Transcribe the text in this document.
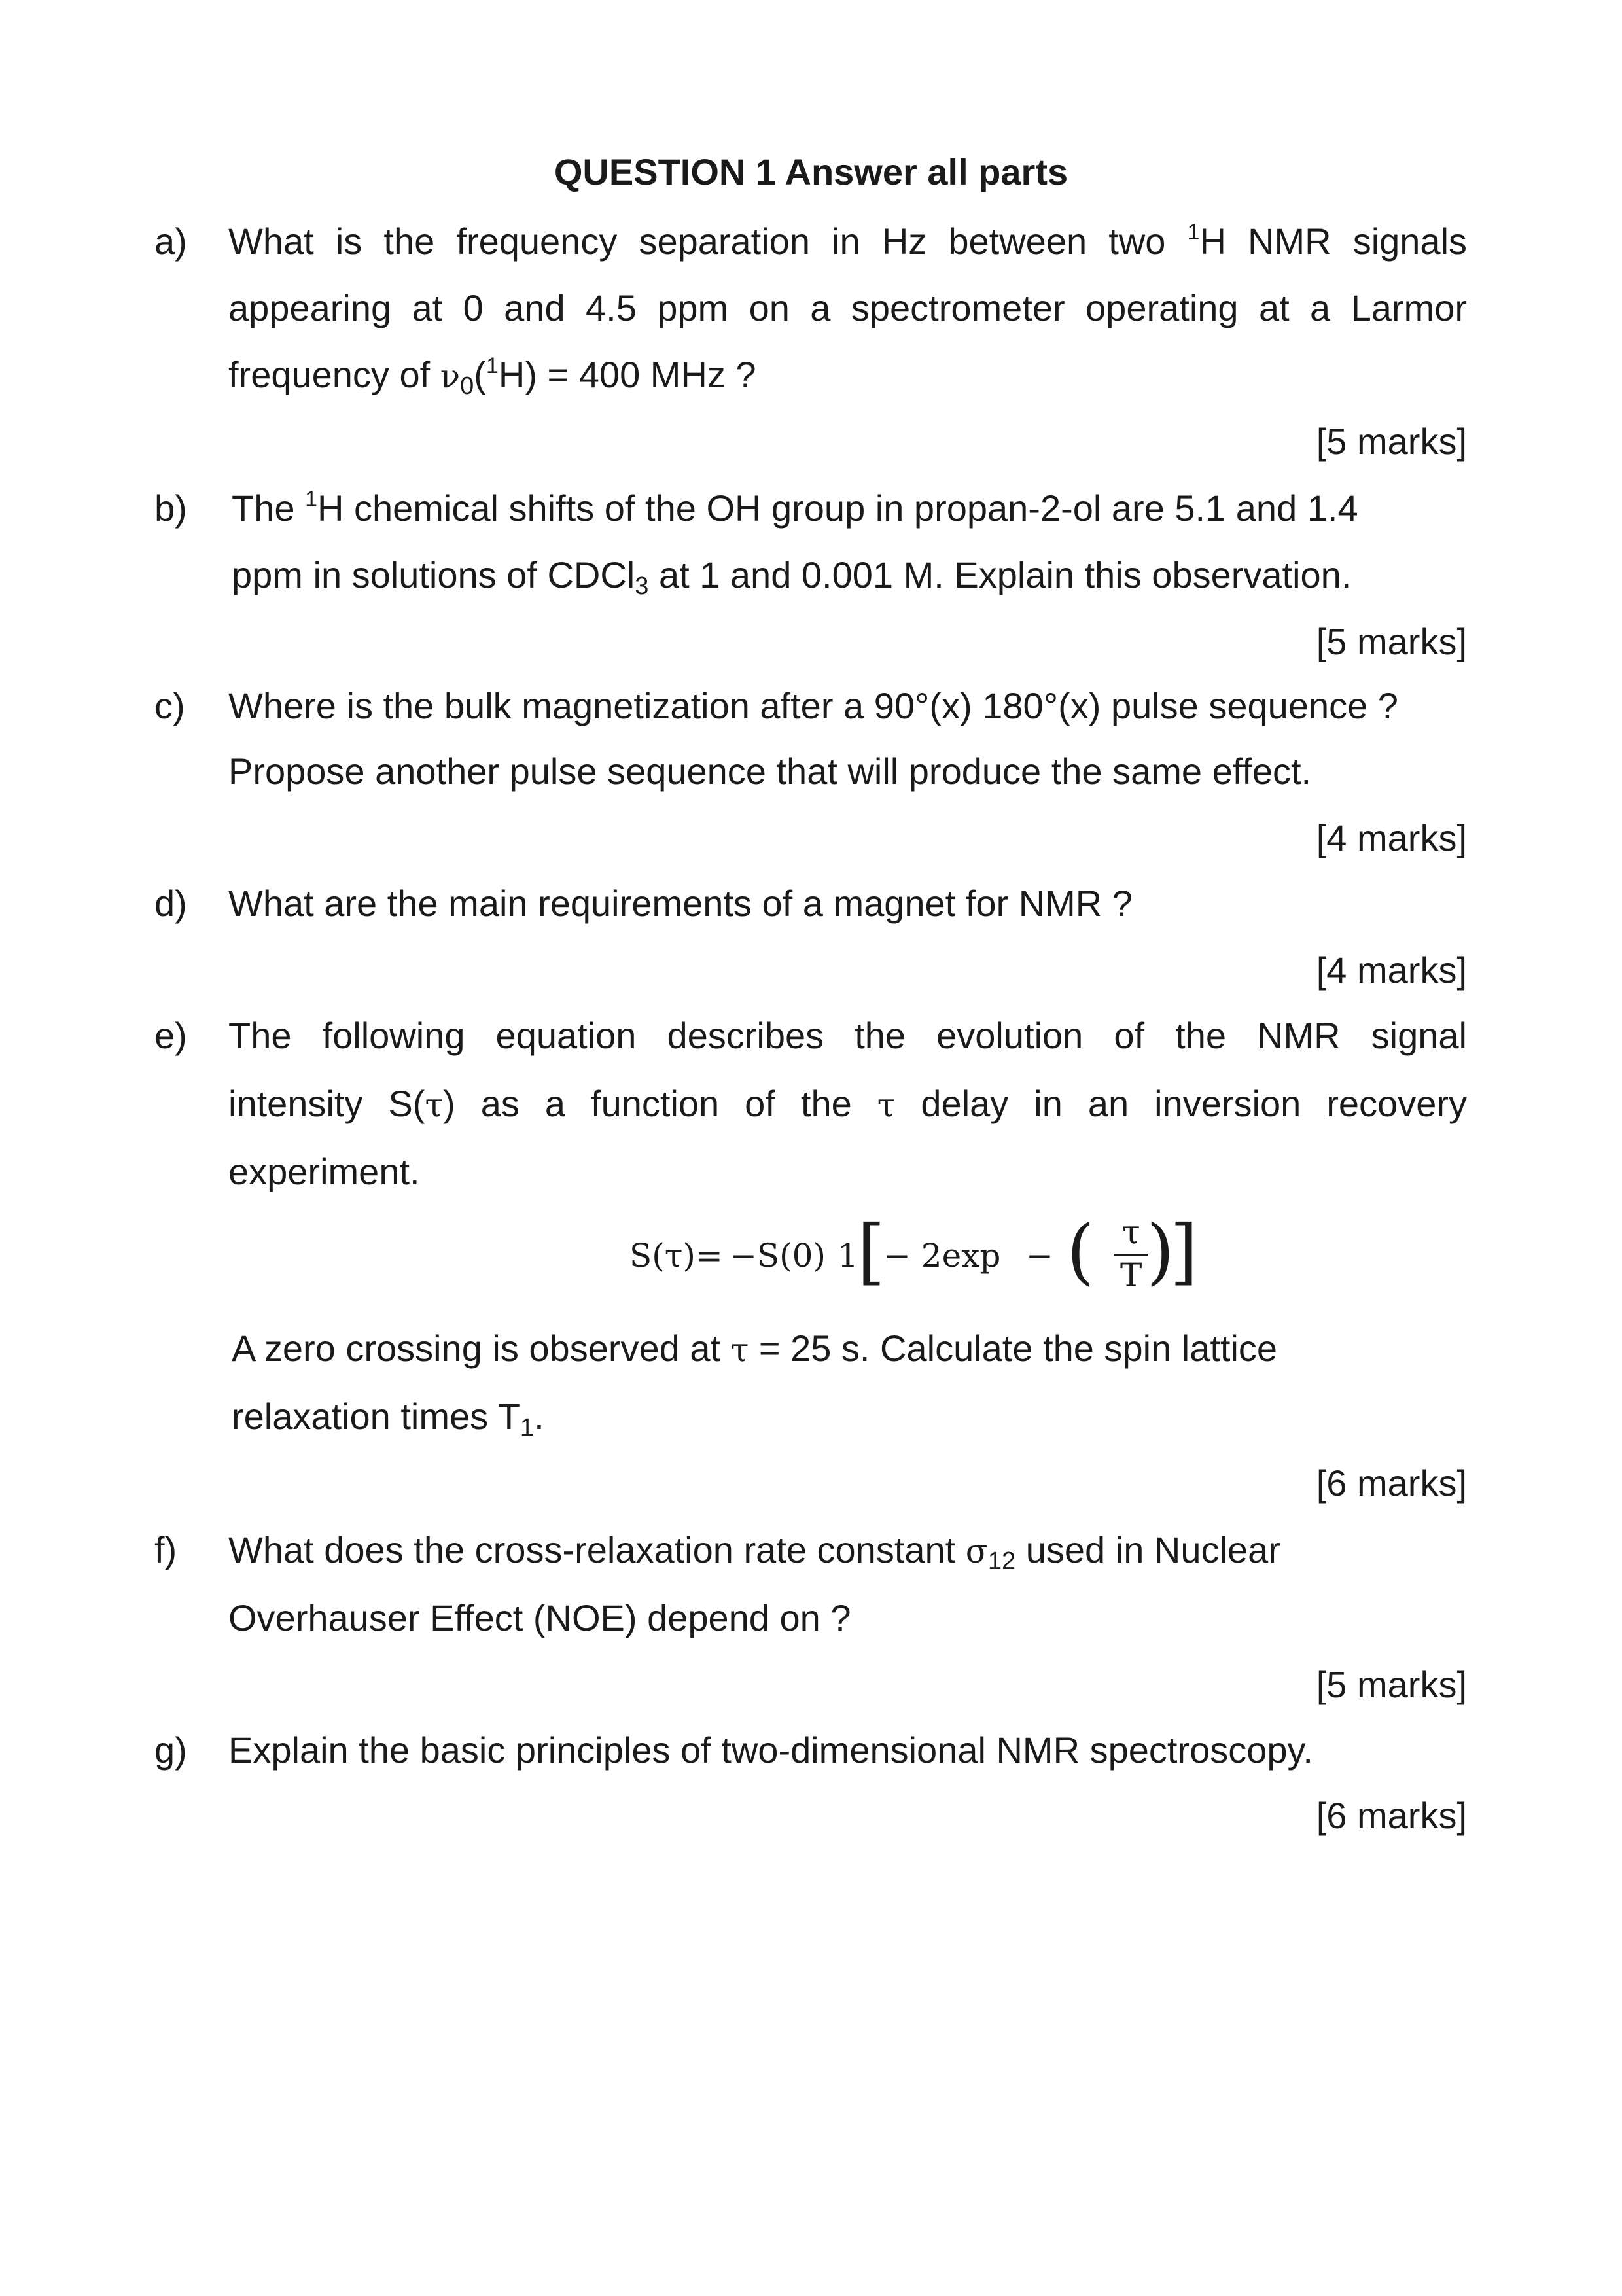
QUESTION 1 Answer all parts
a) What is the frequency separation in Hz between two $^1$H NMR signals
appearing at 0 and 4.5 ppm on a spectrometer operating at a Larmor
frequency of $\nu_0(^1H) = 400$ MHz ?
[5 marks]
b) The $^1$H chemical shifts of the OH group in propan-2-ol are 5.1 and 1.4
ppm in solutions of CDCl$_3$ at 1 and 0.001 M. Explain this observation.
[5 marks]
c) Where is the bulk magnetization after a 90°(x) 180°(x) pulse sequence ?
Propose another pulse sequence that will produce the same effect.
[4 marks]
d) What are the main requirements of a magnet for NMR ?
[4 marks]
e) The following equation describes the evolution of the NMR signal
intensity S(τ) as a function of the τ delay in an inversion recovery
experiment.
S(τ)= −S(0) 1
[
− 2exp − ( τ
T )
]
A zero crossing is observed at τ = 25 s. Calculate the spin lattice
relaxation times $T_1$.
[6 marks]
f) What does the cross-relaxation rate constant $\sigma_{12}$ used in Nuclear
Overhauser Effect (NOE) depend on ?
[5 marks]
g) Explain the basic principles of two-dimensional NMR spectroscopy.
[6 marks]
